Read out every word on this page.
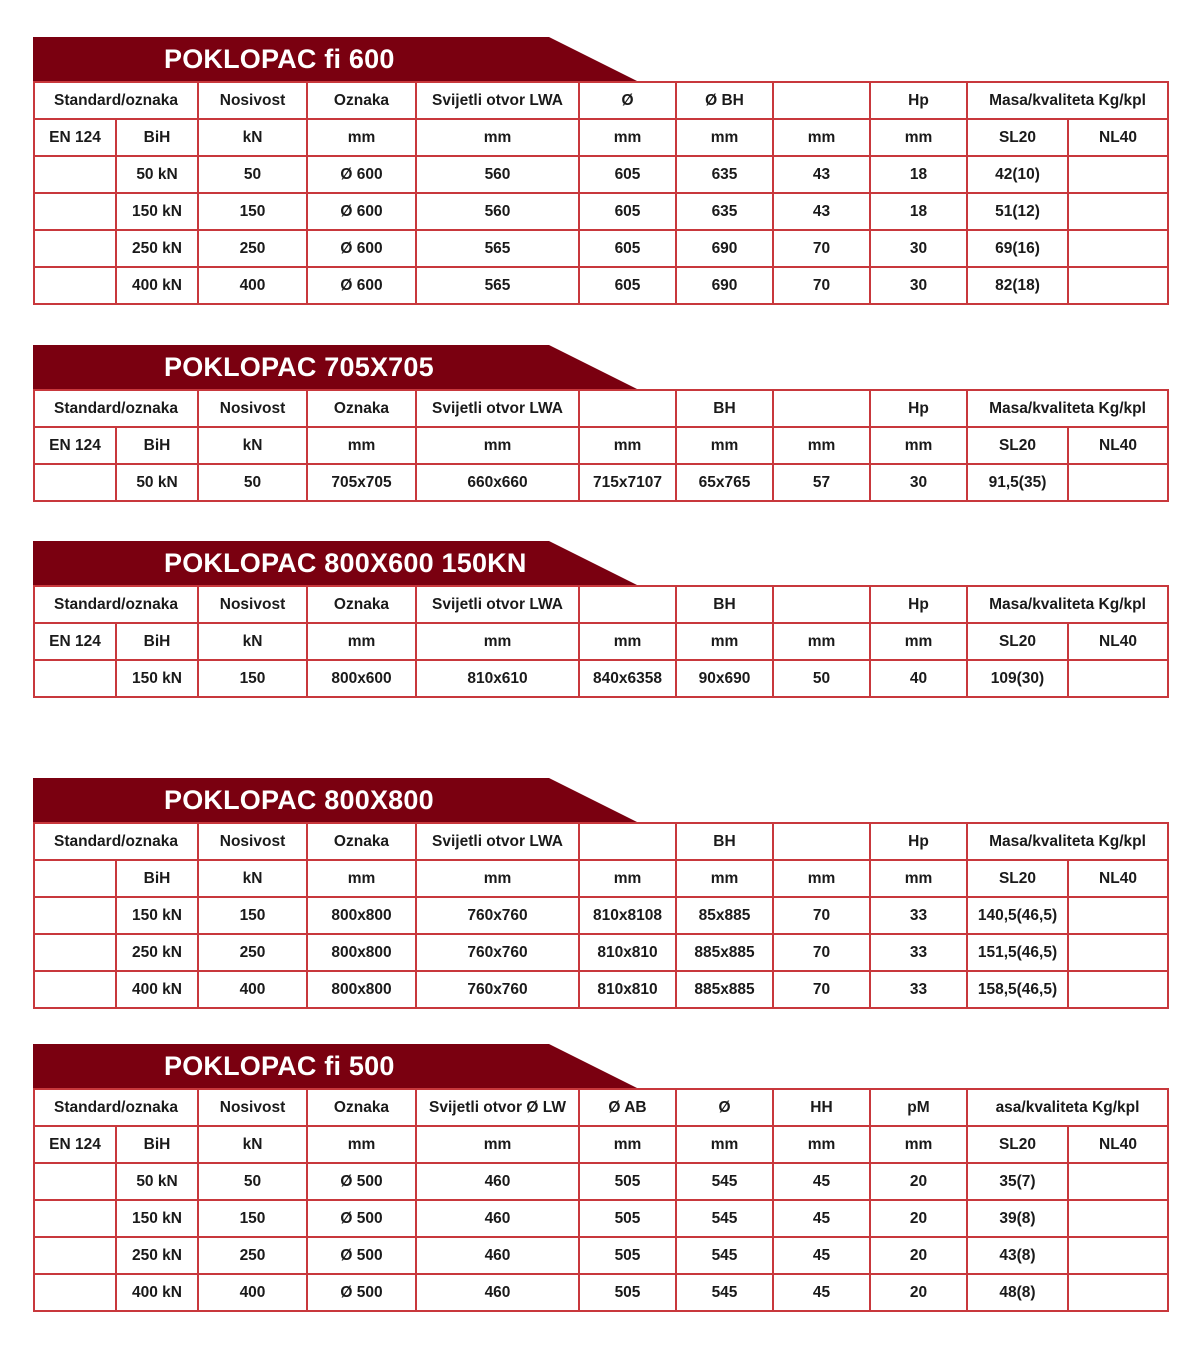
POKLOPAC fi 600
Standard/oznaka		Nosivost	Oznaka	Svijetli otvor LWA	Ø	Ø BH		Hp	Masa/kvaliteta Kg/kpl	
EN 124	BiH	kN	mm	mm	mm	mm	mm	mm	SL20	NL40
	50 kN	50	Ø 600	560	605	635	43	18	42(10)	
	150 kN	150	Ø 600	560	605	635	43	18	51(12)	
	250 kN	250	Ø 600	565	605	690	70	30	69(16)	
	400 kN	400	Ø 600	565	605	690	70	30	82(18)	
POKLOPAC 705X705
Standard/oznaka		Nosivost	Oznaka	Svijetli otvor LWA		BH		Hp	Masa/kvaliteta Kg/kpl	
EN 124	BiH	kN	mm	mm	mm	mm	mm	mm	SL20	NL40
	50 kN	50	705x705	660x660	715x7107	65x765	57	30	91,5(35)	
POKLOPAC 800X600 150KN
Standard/oznaka		Nosivost	Oznaka	Svijetli otvor LWA		BH		Hp	Masa/kvaliteta Kg/kpl	
EN 124	BiH	kN	mm	mm	mm	mm	mm	mm	SL20	NL40
	150 kN	150	800x600	810x610	840x6358	90x690	50	40	109(30)	
POKLOPAC 800X800
Standard/oznaka		Nosivost	Oznaka	Svijetli otvor LWA		BH		Hp	Masa/kvaliteta Kg/kpl	
	BiH	kN	mm	mm	mm	mm	mm	mm	SL20	NL40
	150 kN	150	800x800	760x760	810x8108	85x885	70	33	140,5(46,5)	
	250 kN	250	800x800	760x760	810x810	885x885	70	33	151,5(46,5)	
	400 kN	400	800x800	760x760	810x810	885x885	70	33	158,5(46,5)	
POKLOPAC fi 500
Standard/oznaka		Nosivost	Oznaka	Svijetli otvor Ø LW	Ø AB	Ø	HH	pM	asa/kvaliteta Kg/kpl	
EN 124	BiH	kN	mm	mm	mm	mm	mm	mm	SL20	NL40
	50 kN	50	Ø 500	460	505	545	45	20	35(7)	
	150 kN	150	Ø 500	460	505	545	45	20	39(8)	
	250 kN	250	Ø 500	460	505	545	45	20	43(8)	
	400 kN	400	Ø 500	460	505	545	45	20	48(8)	
